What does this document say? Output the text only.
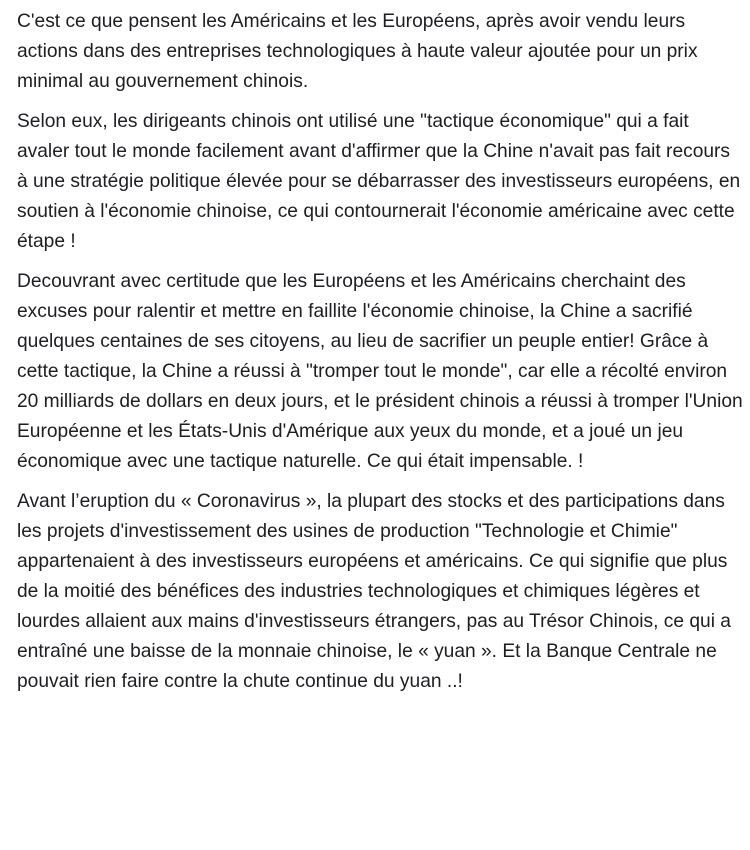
C'est ce que pensent les Américains et les Européens, après avoir vendu leurs actions dans des entreprises technologiques à haute valeur ajoutée pour un prix minimal au gouvernement chinois.

Selon eux, les dirigeants chinois ont utilisé une "tactique économique" qui a fait avaler tout le monde facilement avant d'affirmer que la Chine n'avait pas fait recours à une stratégie politique élevée pour se débarrasser des investisseurs européens, en soutien à l'économie chinoise, ce qui contournerait l'économie américaine avec cette étape !

Decouvrant avec certitude que les Européens et les Américains cherchaint des excuses pour ralentir et mettre en faillite l'économie chinoise, la Chine a sacrifié quelques centaines de ses citoyens, au lieu de sacrifier un peuple entier! Grâce à cette tactique, la Chine a réussi à "tromper tout le monde", car elle a récolté environ 20 milliards de dollars en deux jours, et le président chinois a réussi à tromper l'Union Européenne et les États-Unis d'Amérique aux yeux du monde, et a joué un jeu économique avec une tactique naturelle. Ce qui était impensable. !

Avant l’eruption du « Coronavirus », la plupart des stocks et des participations dans les projets d'investissement des usines de production "Technologie et Chimie" appartenaient à des investisseurs européens et américains. Ce qui signifie que plus de la moitié des bénéfices des industries technologiques et chimiques légères et lourdes allaient aux mains d'investisseurs étrangers, pas au Trésor Chinois, ce qui a entraîné une baisse de la monnaie chinoise, le « yuan ». Et la Banque Centrale ne pouvait rien faire contre la chute continue du yuan ..!
